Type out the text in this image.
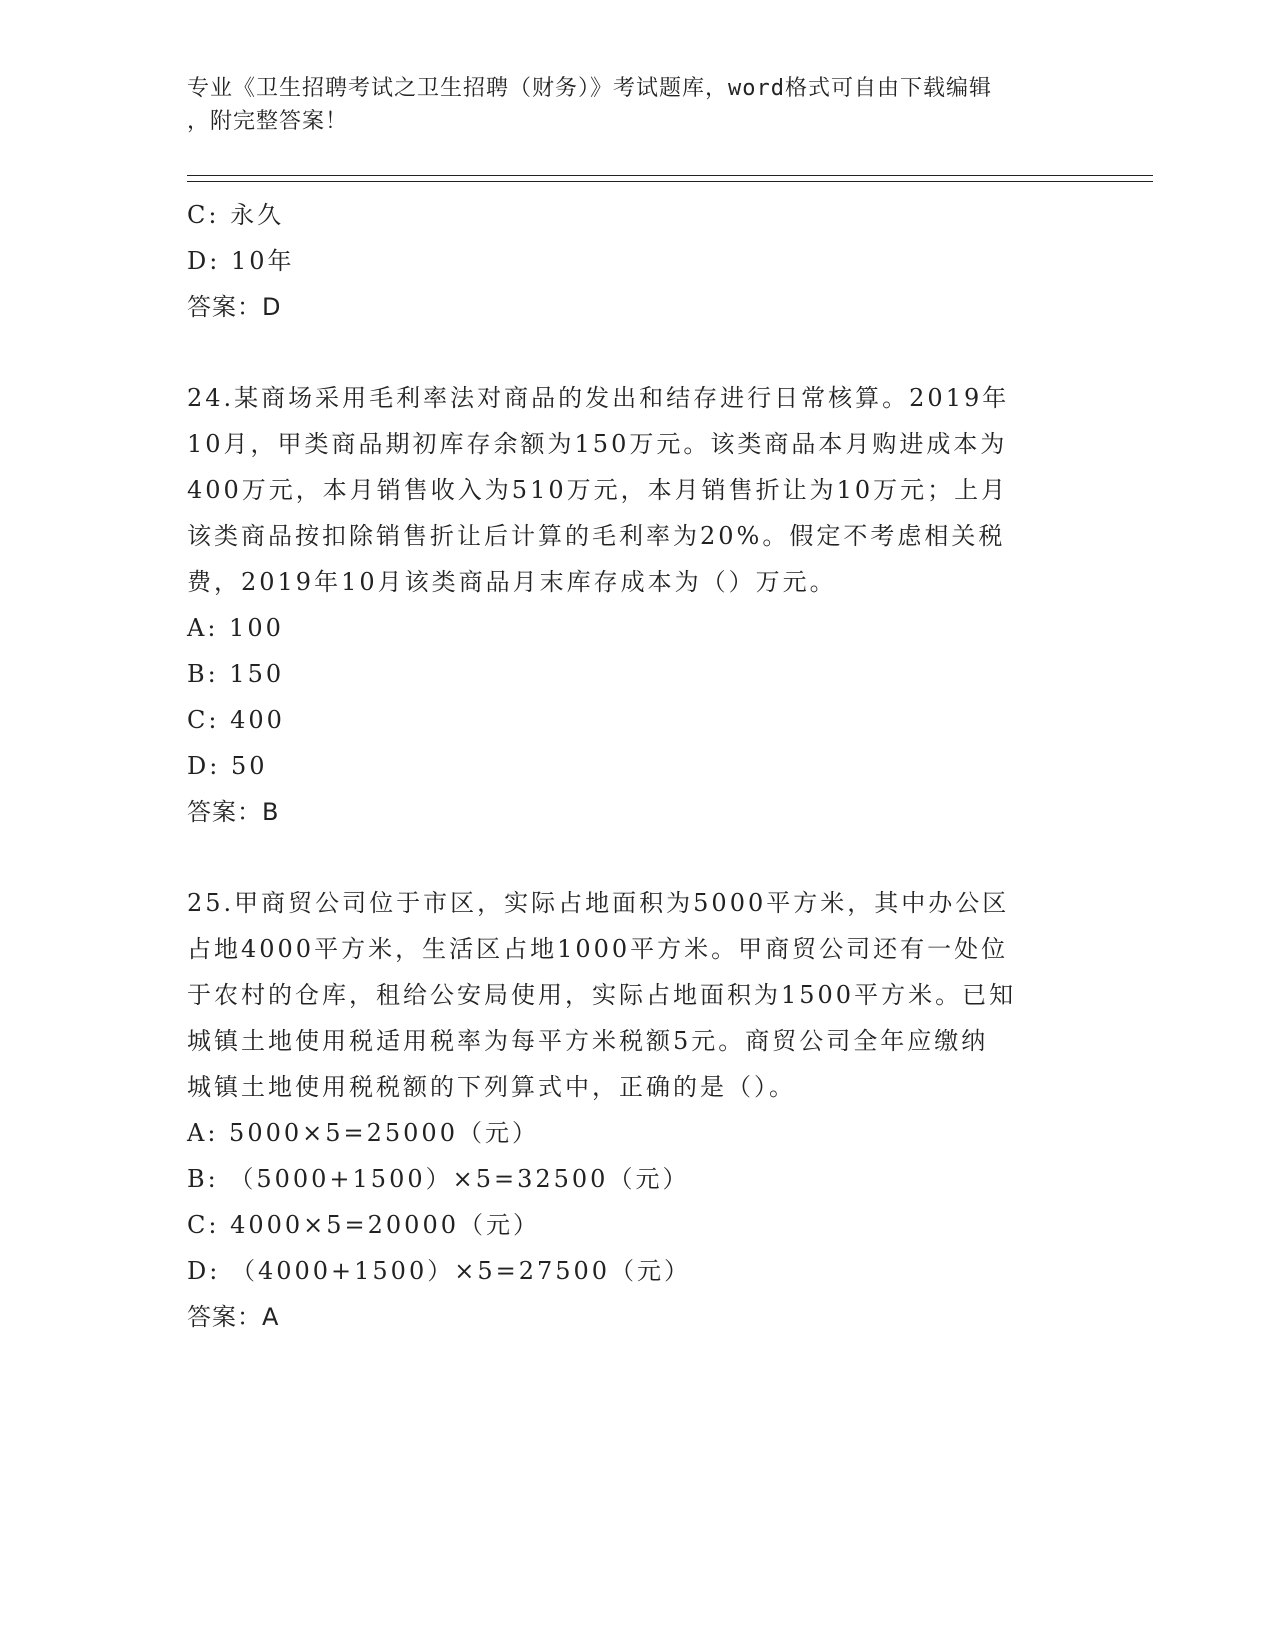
专业《卫生招聘考试之卫生招聘（财务）》考试题库，word格式可自由下载编辑
，附完整答案！
C: 永久
D: 10年
答案：D
24.某商场采用毛利率法对商品的发出和结存进行日常核算。2019年
10月，甲类商品期初库存余额为150万元。该类商品本月购进成本为
400万元，本月销售收入为510万元，本月销售折让为10万元；上月
该类商品按扣除销售折让后计算的毛利率为20%。假定不考虑相关税
费，2019年10月该类商品月末库存成本为（）万元。
A: 100
B: 150
C: 400
D: 50
答案：B
25.甲商贸公司位于市区，实际占地面积为5000平方米，其中办公区
占地4000平方米，生活区占地1000平方米。甲商贸公司还有一处位
于农村的仓库，租给公安局使用，实际占地面积为1500平方米。已知
城镇土地使用税适用税率为每平方米税额5元。商贸公司全年应缴纳
城镇土地使用税税额的下列算式中，正确的是（）。
A: 5000×5=25000（元）
B: （5000+1500）×5=32500（元）
C: 4000×5=20000（元）
D: （4000+1500）×5=27500（元）
答案：A
